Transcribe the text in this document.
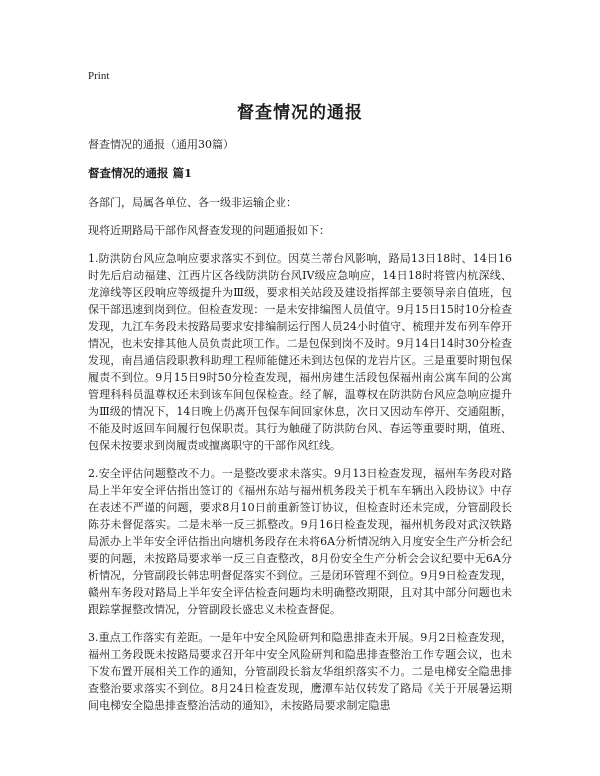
Print
督查情况的通报

督查情况的通报（通用30篇）

督查情况的通报 篇1

各部门，局属各单位、各一级非运输企业：

现将近期路局干部作风督查发现的问题通报如下：

1.防洪防台风应急响应要求落实不到位。因莫兰蒂台风影响，路局13日18时、14日16时先后启动福建、江西片区各线防洪防台风IV级应急响应，14日18时将管内杭深线、龙漳线等区段响应等级提升为Ⅲ级，要求相关站段及建设指挥部主要领导亲自值班，包保干部迅速到岗到位。但检查发现：一是未安排编图人员值守。9月15日15时10分检查发现，九江车务段未按路局要求安排编制运行图人员24小时值守、梳理并发布列车停开情况，也未安排其他人员负责此项工作。二是包保到岗不及时。9月14日14时30分检查发现，南昌通信段职教科助理工程师能健还未到达包保的龙岩片区。三是重要时期包保履责不到位。9月15日9时50分检查发现，福州房建生活段包保福州南公寓车间的公寓管理科科员温尊权还未到该车间包保检查。经了解，温尊权在防洪防台风应急响应提升为Ⅲ级的情况下，14日晚上仍离开包保车间回家休息，次日又因动车停开、交通阻断，不能及时返回车间履行包保职责。其行为触碰了防洪防台风、春运等重要时期，值班、包保未按要求到岗履责或擅离职守的干部作风红线。

2.安全评估问题整改不力。一是整改要求未落实。9月13日检查发现，福州车务段对路局上半年安全评估指出签订的《福州东站与福州机务段关于机车车辆出入段协议》中存在表述不严谨的问题，要求8月10日前重新签订协议，但检查时还未完成，分管副段长陈芬未督促落实。二是未举一反三抓整改。9月16日检查发现，福州机务段对武汉铁路局派办上半年安全评估指出向塘机务段存在未将6A分析情况纳入月度安全生产分析会纪要的问题，未按路局要求举一反三自查整改，8月份安全生产分析会会议纪要中无6A分析情况，分管副段长韩忠明督促落实不到位。三是闭环管理不到位。9月9日检查发现，赣州车务段对路局上半年安全评估检查问题均未明确整改期限，且对其中部分问题也未跟踪掌握整改情况，分管副段长盛忠义未检查督促。

3.重点工作落实有差距。一是年中安全风险研判和隐患排查未开展。9月2日检查发现，福州工务段既未按路局要求召开年中安全风险研判和隐患排查整治工作专题会议，也未下发布置开展相关工作的通知，分管副段长翁友华组织落实不力。二是电梯安全隐患排查整治要求落实不到位。8月24日检查发现，鹰潭车站仅转发了路局《关于开展暑运期间电梯安全隐患排查整治活动的通知》，未按路局要求制定隐患
